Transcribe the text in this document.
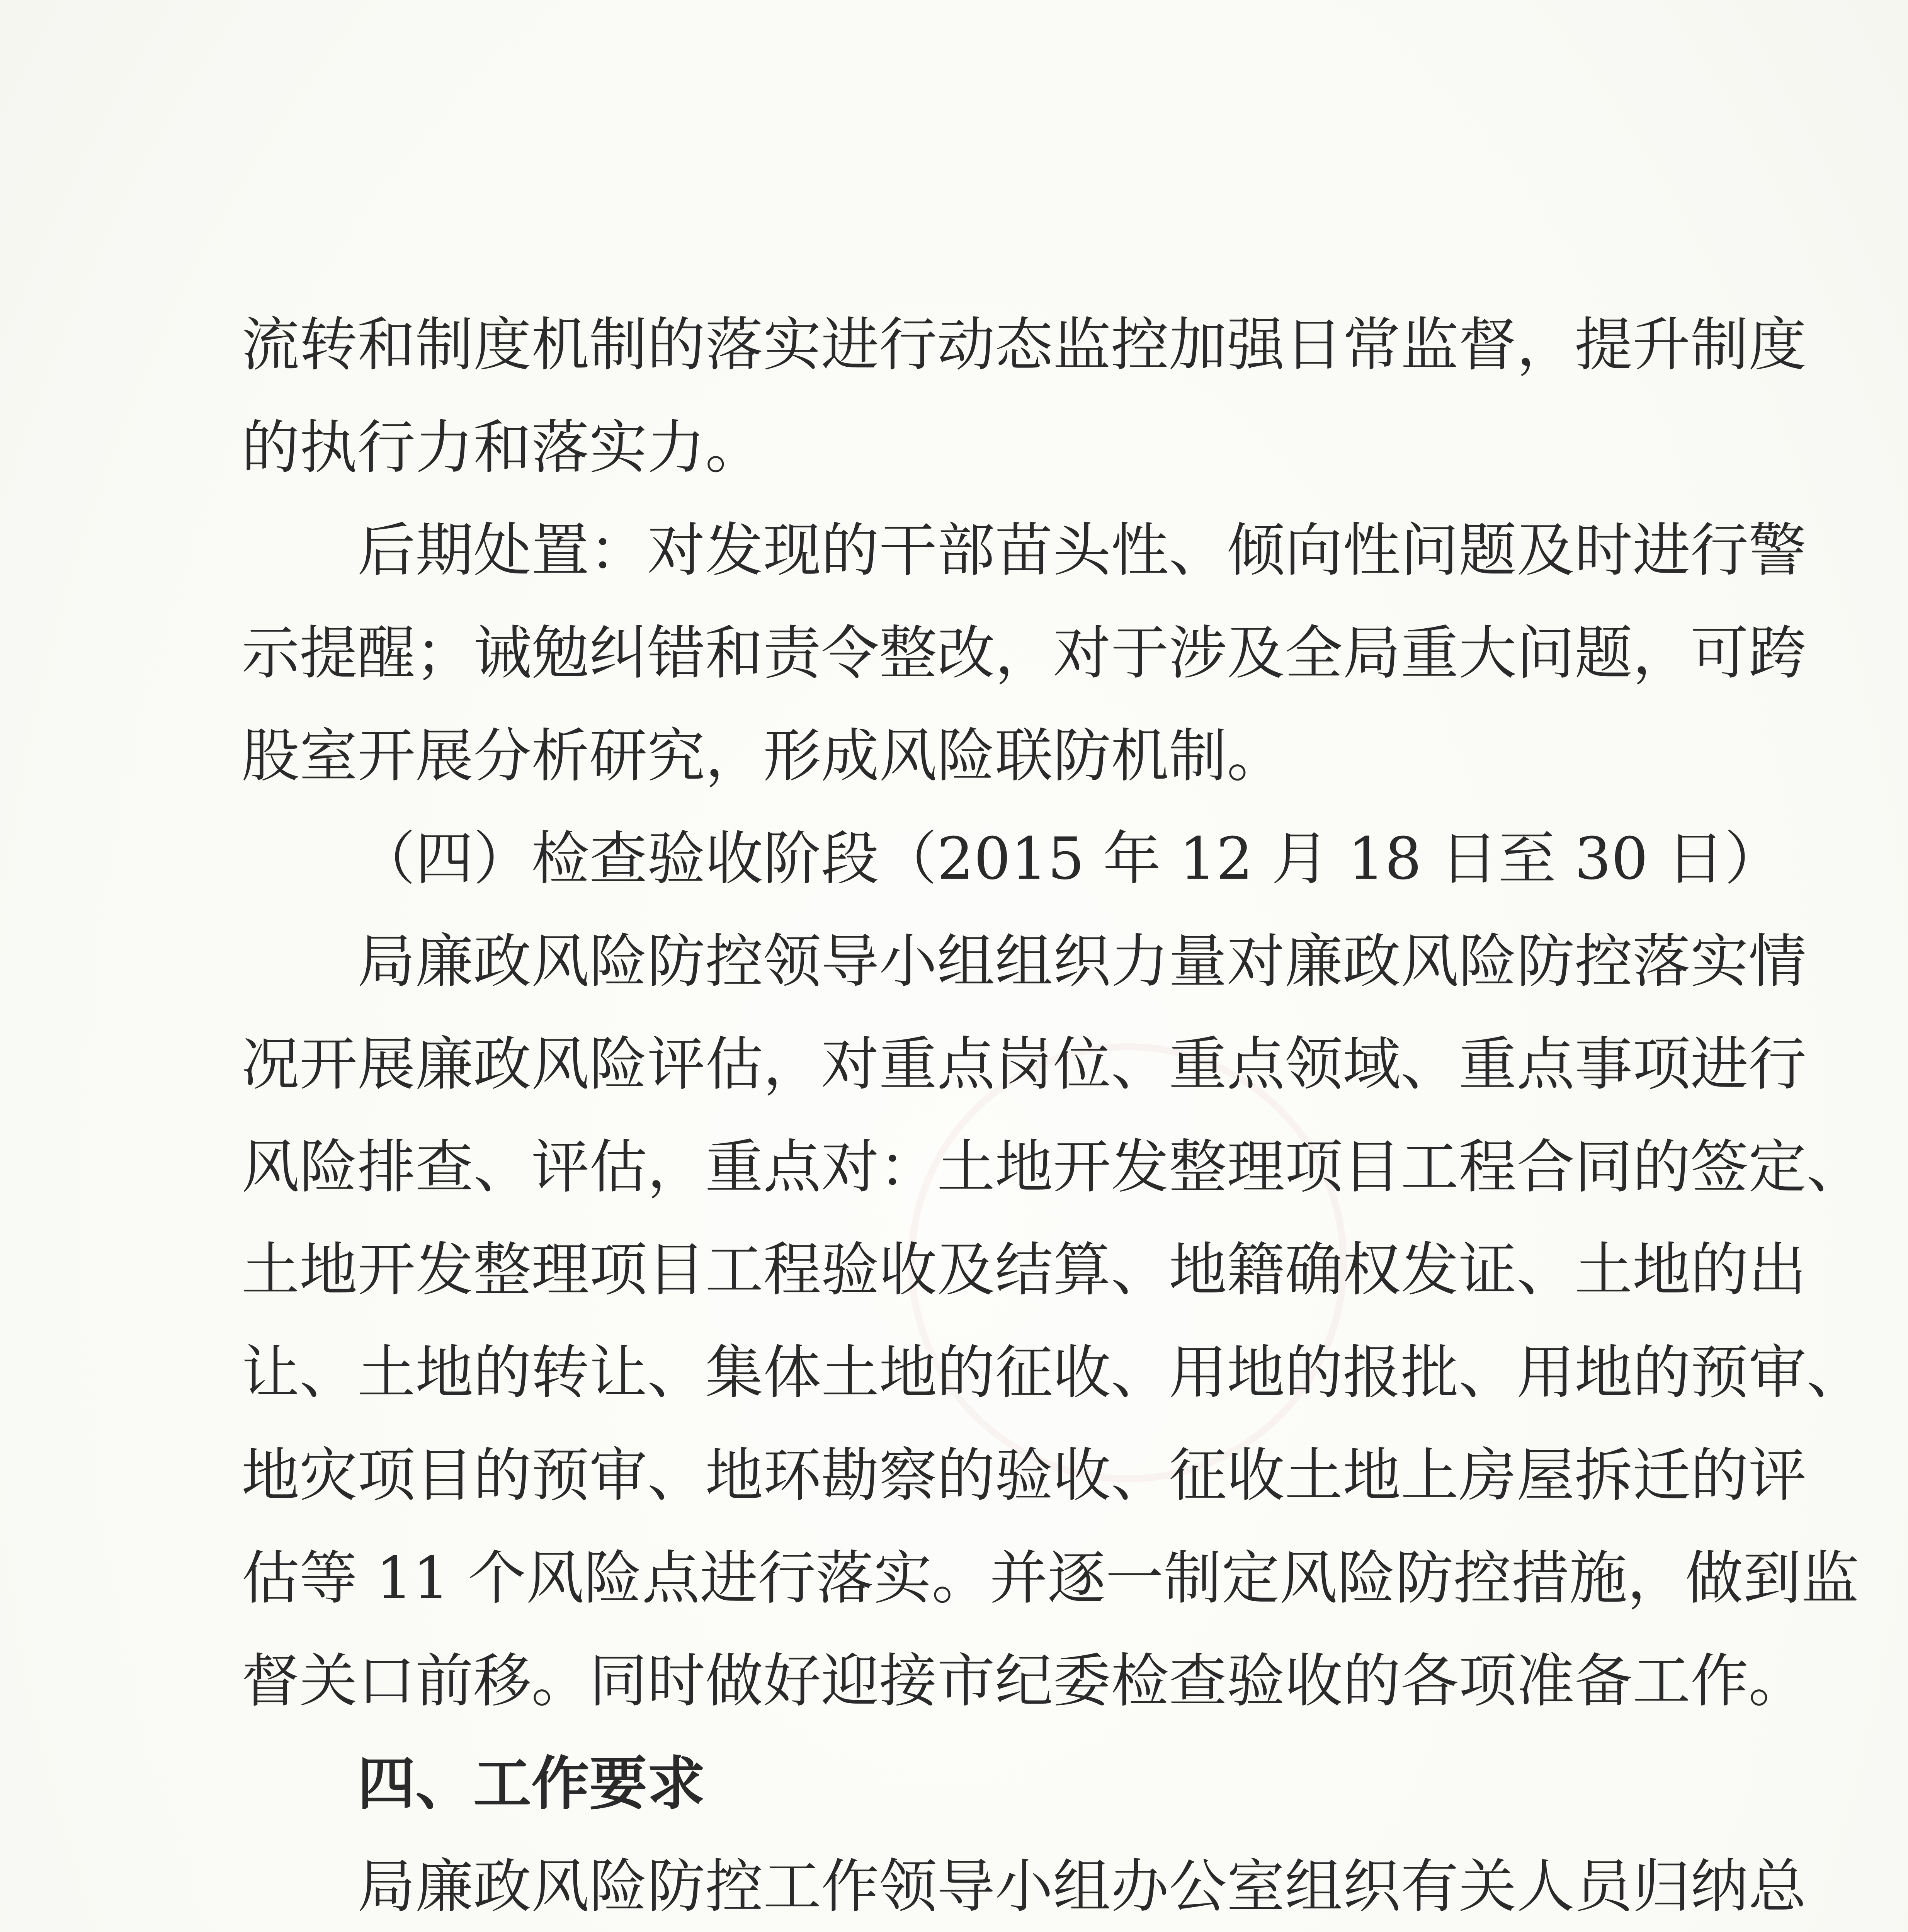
流转和制度机制的落实进行动态监控加强日常监督，提升制度
的执行力和落实力。
后期处置：对发现的干部苗头性、倾向性问题及时进行警
示提醒；诫勉纠错和责令整改，对于涉及全局重大问题，可跨
股室开展分析研究，形成风险联防机制。
（四）检查验收阶段（2015 年 12 月 18 日至 30 日）
局廉政风险防控领导小组组织力量对廉政风险防控落实情
况开展廉政风险评估，对重点岗位、重点领域、重点事项进行
风险排查、评估，重点对：土地开发整理项目工程合同的签定、
土地开发整理项目工程验收及结算、地籍确权发证、土地的出
让、土地的转让、集体土地的征收、用地的报批、用地的预审、
地灾项目的预审、地环勘察的验收、征收土地上房屋拆迁的评
估等 11 个风险点进行落实。并逐一制定风险防控措施，做到监
督关口前移。同时做好迎接市纪委检查验收的各项准备工作。
四、工作要求
局廉政风险防控工作领导小组办公室组织有关人员归纳总
